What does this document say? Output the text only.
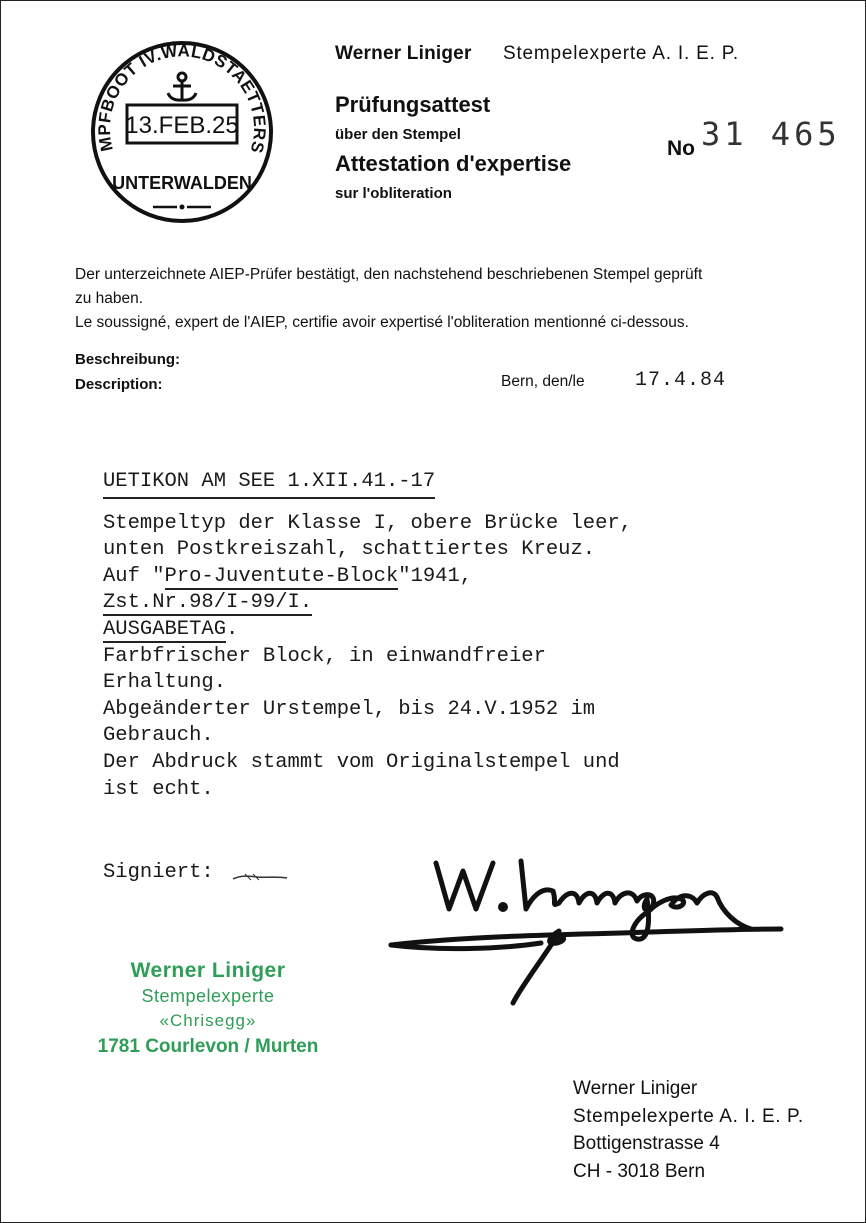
MPFBOOT IV.WALDSTAETTERS
13.FEB.25
UNTERWALDEN
Werner Liniger Stempelexperte A. I. E. P.
Prüfungsattest
über den Stempel
Attestation d'expertise
sur l'obliteration
No 31 465

Der unterzeichnete AIEP-Prüfer bestätigt, den nachstehend beschriebenen Stempel geprüft

zu haben.

Le soussigné, expert de l'AIEP, certifie avoir expertisé l'obliteration mentionné ci-dessous.

Beschreibung:
Description:	Bern, den/le	17.4.84
UETIKON AM SEE 1.XII.41.-17
Stempeltyp der Klasse I, obere Brücke leer,
unten Postkreiszahl, schattiertes Kreuz.
Auf "Pro-Juventute-Block"1941,
Zst.Nr.98/I-99/I.
AUSGABETAG.
Farbfrischer Block, in einwandfreier
Erhaltung.
Abgeänderter Urstempel, bis 24.V.1952 im
Gebrauch.
Der Abdruck stammt vom Originalstempel und
ist echt.
Signiert:
Werner Liniger
Stempelexperte
«Chrisegg»
1781 Courlevon / Murten
Werner Liniger
Stempelexperte A. I. E. P.
Bottigenstrasse 4
CH - 3018 Bern
